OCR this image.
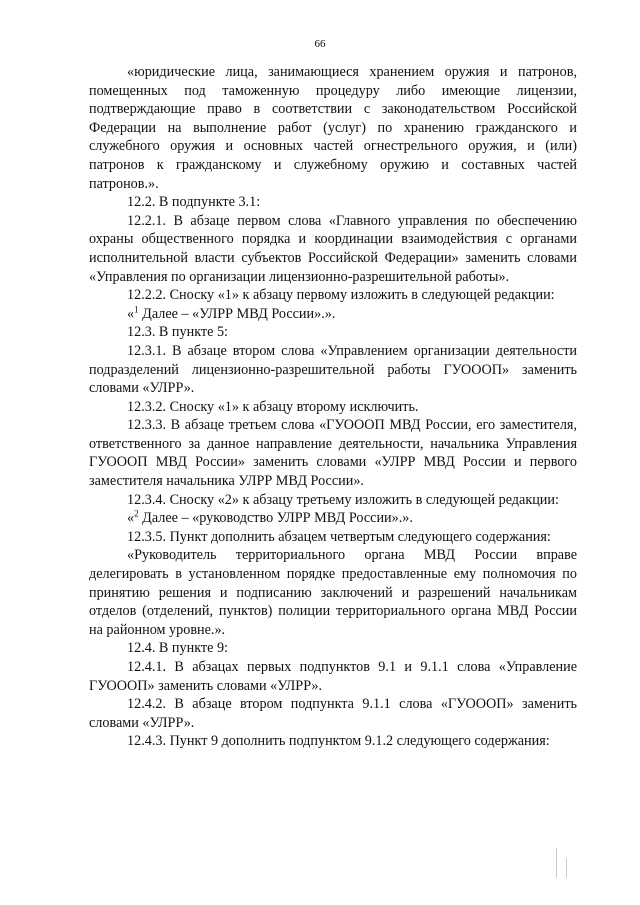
66

«юридические лица, занимающиеся хранением оружия и патронов, помещенных под таможенную процедуру либо имеющие лицензии, подтверждающие право в соответствии с законодательством Российской Федерации на выполнение работ (услуг) по хранению гражданского и служебного оружия и основных частей огнестрельного оружия, и (или) патронов к гражданскому и служебному оружию и составных частей патронов.».

12.2. В подпункте 3.1:

12.2.1. В абзаце первом слова «Главного управления по обеспечению охраны общественного порядка и координации взаимодействия с органами исполнительной власти субъектов Российской Федерации» заменить словами «Управления по организации лицензионно-разрешительной работы».

12.2.2. Сноску «1» к абзацу первому изложить в следующей редакции:

«$^1$ Далее – «УЛРР МВД России».».

12.3. В пункте 5:

12.3.1. В абзаце втором слова «Управлением организации деятельности подразделений лицензионно-разрешительной работы ГУОООП» заменить словами «УЛРР».

12.3.2. Сноску «1» к абзацу второму исключить.

12.3.3. В абзаце третьем слова «ГУОООП МВД России, его заместителя, ответственного за данное направление деятельности, начальника Управления ГУОООП МВД России» заменить словами «УЛРР МВД России и первого заместителя начальника УЛРР МВД России».

12.3.4. Сноску «2» к абзацу третьему изложить в следующей редакции:

«$^2$ Далее – «руководство УЛРР МВД России».».

12.3.5. Пункт дополнить абзацем четвертым следующего содержания:

«Руководитель территориального органа МВД России вправе делегировать в установленном порядке предоставленные ему полномочия по принятию решения и подписанию заключений и разрешений начальникам отделов (отделений, пунктов) полиции территориального органа МВД России на районном уровне.».

12.4. В пункте 9:

12.4.1. В абзацах первых подпунктов 9.1 и 9.1.1 слова «Управление ГУОООП» заменить словами «УЛРР».

12.4.2. В абзаце втором подпункта 9.1.1 слова «ГУОООП» заменить словами «УЛРР».

12.4.3. Пункт 9 дополнить подпунктом 9.1.2 следующего содержания:
